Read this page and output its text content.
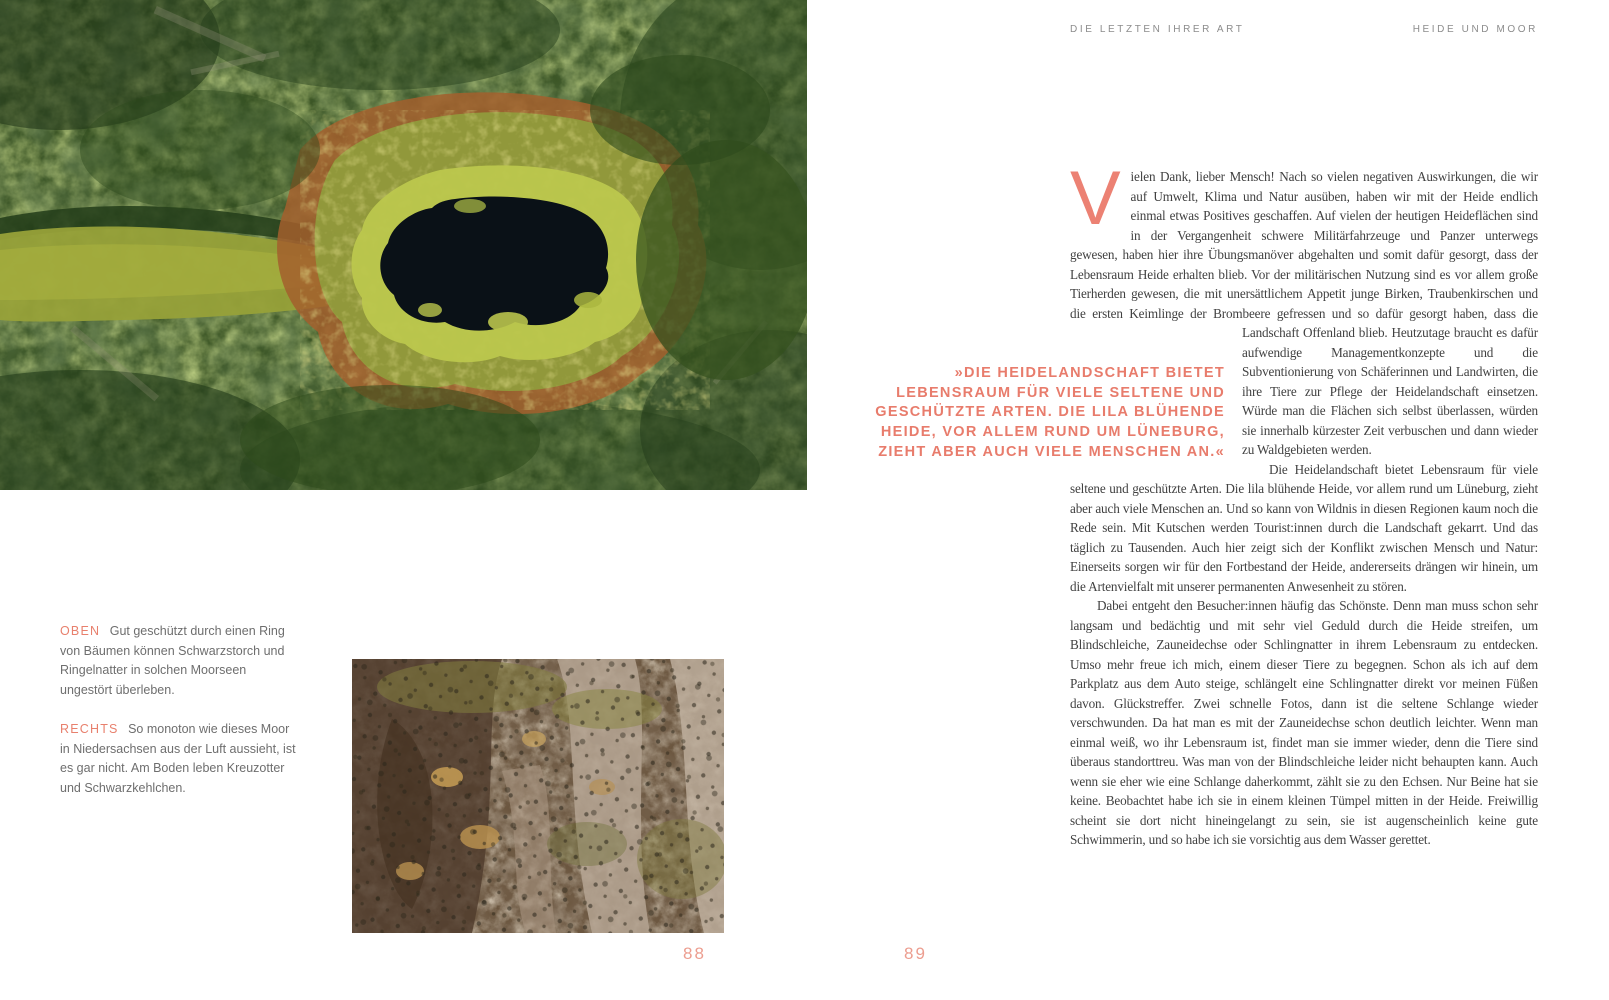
DIE LETZTEN IHRER ART	HEIDE UND MOOR

OBEN Gut geschützt durch einen Ring von Bäumen können Schwarzstorch und Ringelnatter in solchen Moorseen ungestört überleben.

RECHTS So monoton wie dieses Moor in Niedersachsen aus der Luft aussieht, ist es gar nicht. Am Boden leben Kreuzotter und Schwarzkehlchen.

»DIE HEIDELANDSCHAFT BIETET LEBENSRAUM FÜR VIELE SELTENE UND GESCHÜTZTE ARTEN. DIE LILA BLÜHENDE HEIDE, VOR ALLEM RUND UM LÜNEBURG, ZIEHT ABER AUCH VIELE MENSCHEN AN.«

V ielen Dank, lieber Mensch! Nach so vielen negativen Auswirkungen, die wir auf Umwelt, Klima und Natur ausüben, haben wir mit der Heide endlich einmal etwas Positives geschaffen. Auf vielen der heutigen Heideflächen sind in der Vergangenheit schwere Militärfahrzeuge und Panzer unterwegs gewesen, haben hier ihre Übungsmanöver abgehalten und somit dafür gesorgt, dass der Lebensraum Heide erhalten blieb. Vor der militärischen Nutzung sind es vor allem große Tierherden gewesen, die mit unersättlichem Appetit junge Birken, Traubenkirschen und die ersten Keimlinge der Brombeere gefressen und so dafür gesorgt haben, dass die Landschaft Offenland blieb. Heutzutage braucht es dafür aufwendige Managementkonzepte und die Subventionierung von Schäferinnen und Landwirten, die ihre Tiere zur Pflege der Heidelandschaft einsetzen. Würde man die Flächen sich selbst überlassen, würden sie innerhalb kürzester Zeit verbuschen und dann wieder zu Waldgebieten werden.

Die Heidelandschaft bietet Lebensraum für viele seltene und geschützte Arten. Die lila blühende Heide, vor allem rund um Lüneburg, zieht aber auch viele Menschen an. Und so kann von Wildnis in diesen Regionen kaum noch die Rede sein. Mit Kutschen werden Tourist:innen durch die Landschaft gekarrt. Und das täglich zu Tausenden. Auch hier zeigt sich der Konflikt zwischen Mensch und Natur: Einerseits sorgen wir für den Fortbestand der Heide, andererseits drängen wir hinein, um die Artenvielfalt mit unserer permanenten Anwesenheit zu stören.

Dabei entgeht den Besucher:innen häufig das Schönste. Denn man muss schon sehr langsam und bedächtig und mit sehr viel Geduld durch die Heide streifen, um Blindschleiche, Zauneidechse oder Schlingnatter in ihrem Lebensraum zu entdecken. Umso mehr freue ich mich, einem dieser Tiere zu begegnen. Schon als ich auf dem Parkplatz aus dem Auto steige, schlängelt eine Schlingnatter direkt vor meinen Füßen davon. Glückstreffer. Zwei schnelle Fotos, dann ist die seltene Schlange wieder verschwunden. Da hat man es mit der Zauneidechse schon deutlich leichter. Wenn man einmal weiß, wo ihr Lebensraum ist, findet man sie immer wieder, denn die Tiere sind überaus standorttreu. Was man von der Blindschleiche leider nicht behaupten kann. Auch wenn sie eher wie eine Schlange daherkommt, zählt sie zu den Echsen. Nur Beine hat sie keine. Beobachtet habe ich sie in einem kleinen Tümpel mitten in der Heide. Freiwillig scheint sie dort nicht hineingelangt zu sein, sie ist augenscheinlich keine gute Schwimmerin, und so habe ich sie vorsichtig aus dem Wasser gerettet.

88	89
